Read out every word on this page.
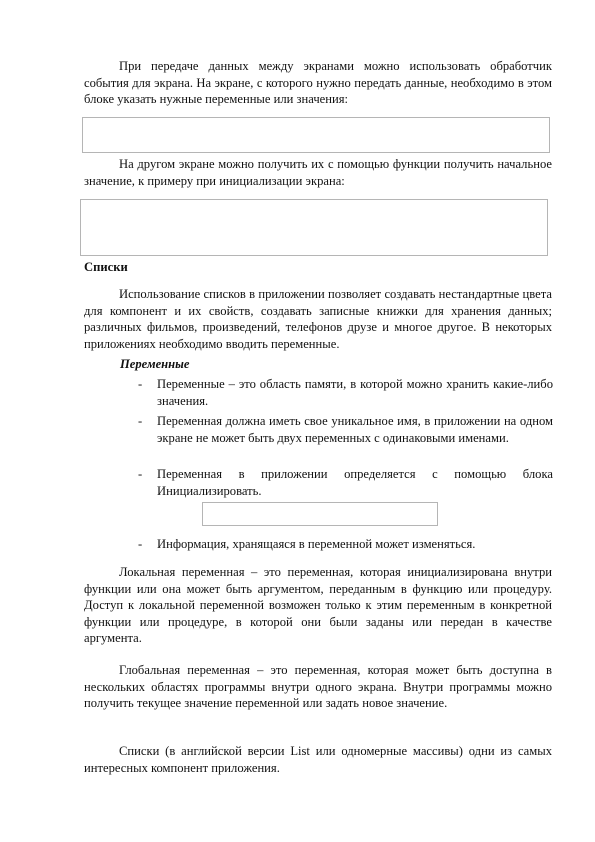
При передаче данных между экранами можно использовать обработчик события для экрана. На экране, с которого нужно передать данные, необходимо в этом блоке указать нужные переменные или значения:

На другом экране можно получить их с помощью функции получить начальное значение, к примеру при инициализации экрана:

Списки

Использование списков в приложении позволяет создавать нестандартные цвета для компонент и их свойств, создавать записные книжки для хранения данных; различных фильмов, произведений, телефонов друзе и многое другое. В некоторых приложениях необходимо вводить переменные.

Переменные

-	Переменные – это область памяти, в которой можно хранить какие-либо значения.

-	Переменная должна иметь свое уникальное имя, в приложении на одном экране не может быть двух переменных с одинаковыми именами.

-	Переменная в приложении определяется с помощью блока Инициализировать.

-	Информация, хранящаяся в переменной может изменяться.

Локальная переменная – это переменная, которая инициализирована внутри функции или она может быть аргументом, переданным в функцию или процедуру. Доступ к локальной переменной возможен только к этим переменным в конкретной функции или процедуре, в которой они были заданы или передан в качестве аргумента.

Глобальная переменная – это переменная, которая может быть доступна в нескольких областях программы внутри одного экрана. Внутри программы можно получить текущее значение переменной или задать новое значение.

Списки (в английской версии List или одномерные массивы) одни из самых интересных компонент приложения.
